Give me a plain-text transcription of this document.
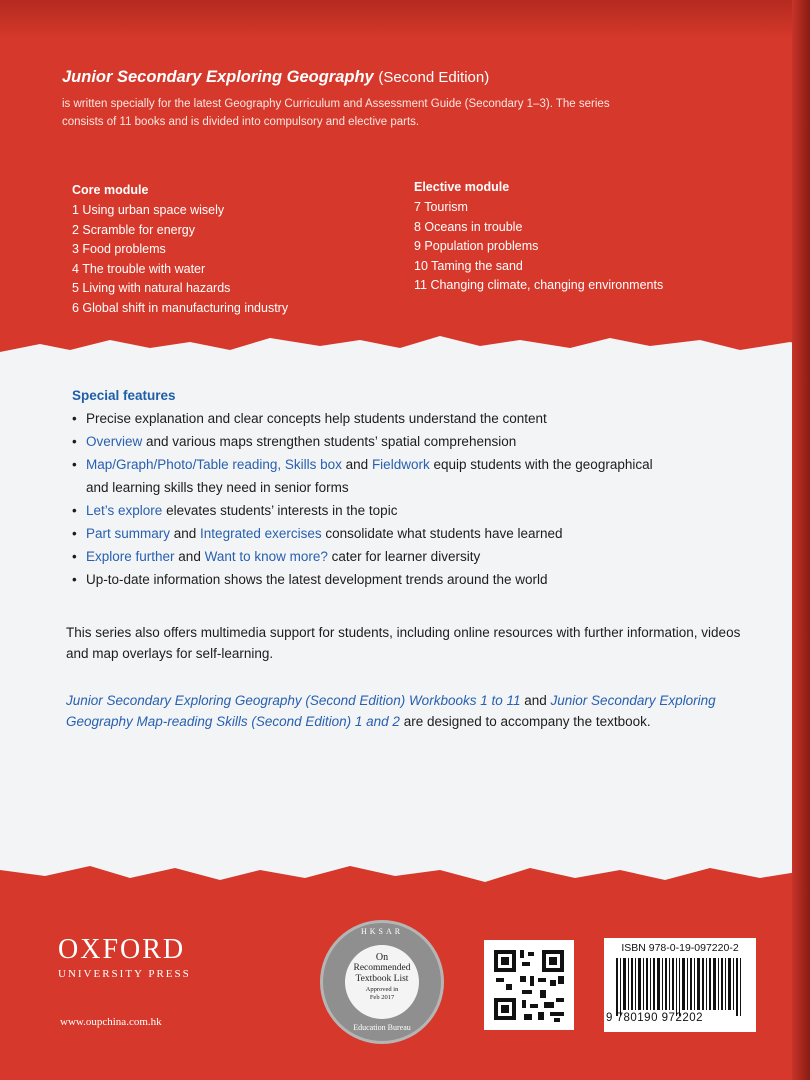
Junior Secondary Exploring Geography (Second Edition)
is written specially for the latest Geography Curriculum and Assessment Guide (Secondary 1–3). The series consists of 11 books and is divided into compulsory and elective parts.
Core module
1 Using urban space wisely
2 Scramble for energy
3 Food problems
4 The trouble with water
5 Living with natural hazards
6 Global shift in manufacturing industry
Elective module
7 Tourism
8 Oceans in trouble
9 Population problems
10 Taming the sand
11 Changing climate, changing environments
Special features
• Precise explanation and clear concepts help students understand the content
• Overview and various maps strengthen students’ spatial comprehension
• Map/Graph/Photo/Table reading, Skills box and Fieldwork equip students with the geographical
and learning skills they need in senior forms
• Let’s explore elevates students’ interests in the topic
• Part summary and Integrated exercises consolidate what students have learned
• Explore further and Want to know more? cater for learner diversity
• Up-to-date information shows the latest development trends around the world
This series also offers multimedia support for students, including online resources with further information, videos and map overlays for self-learning.
Junior Secondary Exploring Geography (Second Edition) Workbooks 1 to 11 and Junior Secondary Exploring Geography Map-reading Skills (Second Edition) 1 and 2 are designed to accompany the textbook.
OXFORD
UNIVERSITY PRESS
www.oupchina.com.hk
HKSAR
On
Recommended
Textbook List
Approved in
Feb 2017
Education Bureau
ISBN 978-0-19-097220-2
9 780190 972202
